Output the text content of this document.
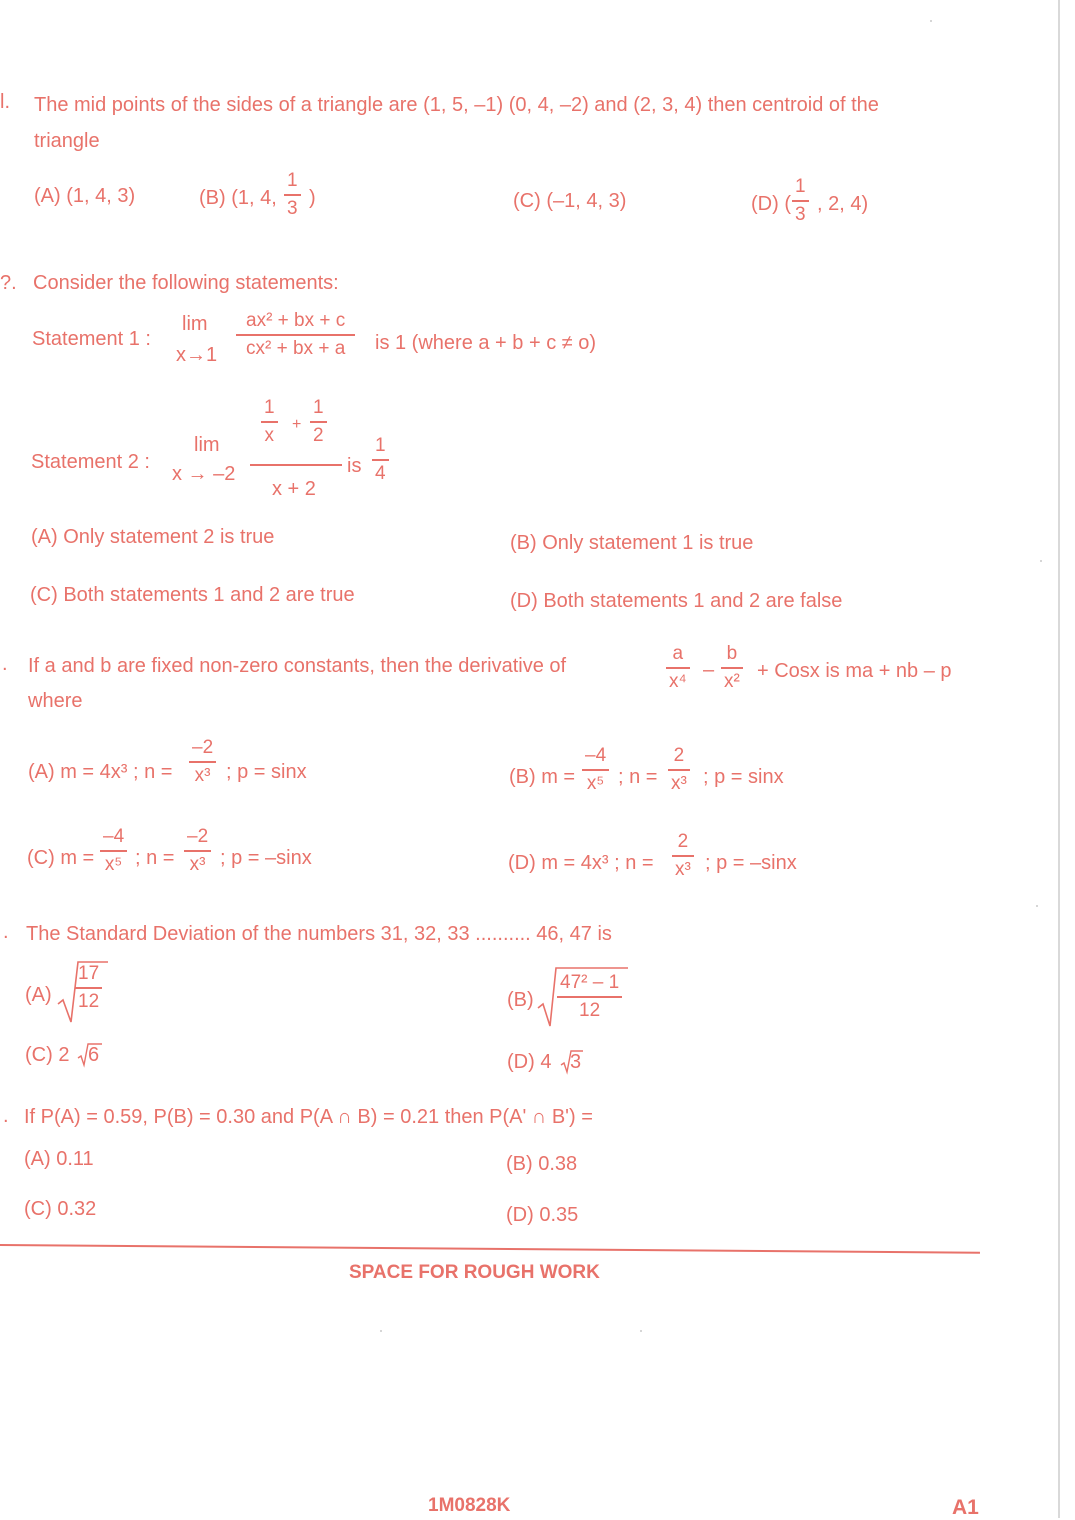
l. The mid points of the sides of a triangle are (1, 5, –1) (0, 4, –2) and (2, 3, 4) then centroid of the
triangle
(A) (1, 4, 3)	(B) (1, 4,
1
3 )	(C) (–1, 4, 3)	(D) (
1
3 , 2, 4)
?. Consider the following statements:
Statement 1 :
lim
x→1
ax² + bx + c
cx² + bx + a	is 1 (where a + b + c ≠ o)
Statement 2 :
lim
x → –2
1
x +
1
2
x + 2
is
1
4
(A) Only statement 2 is true	(B) Only statement 1 is true
(C) Both statements 1 and 2 are true	(D) Both statements 1 and 2 are false
. If a and b are fixed non-zero constants, then the derivative of
a
x⁴ –
b
x² + Cosx is ma + nb – p
where
(A) m = 4x³ ; n =
–2
x³ ; p = sinx	(B) m =
–4
x⁵ ; n =
2
x³ ; p = sinx
(C) m =
–4
x⁵ ; n =
–2
x³ ; p = –sinx	(D) m = 4x³ ; n =
2
x³ ; p = –sinx
. The Standard Deviation of the numbers 31, 32, 33 .......... 46, 47 is
(A)
17
12	(B)
47² – 1
12
(C) 2 6	(D) 4 3
. If P(A) = 0.59, P(B) = 0.30 and P(A ∩ B) = 0.21 then P(A' ∩ B') =
(A) 0.11	(B) 0.38
(C) 0.32	(D) 0.35
SPACE FOR ROUGH WORK
1M0828K	A1
